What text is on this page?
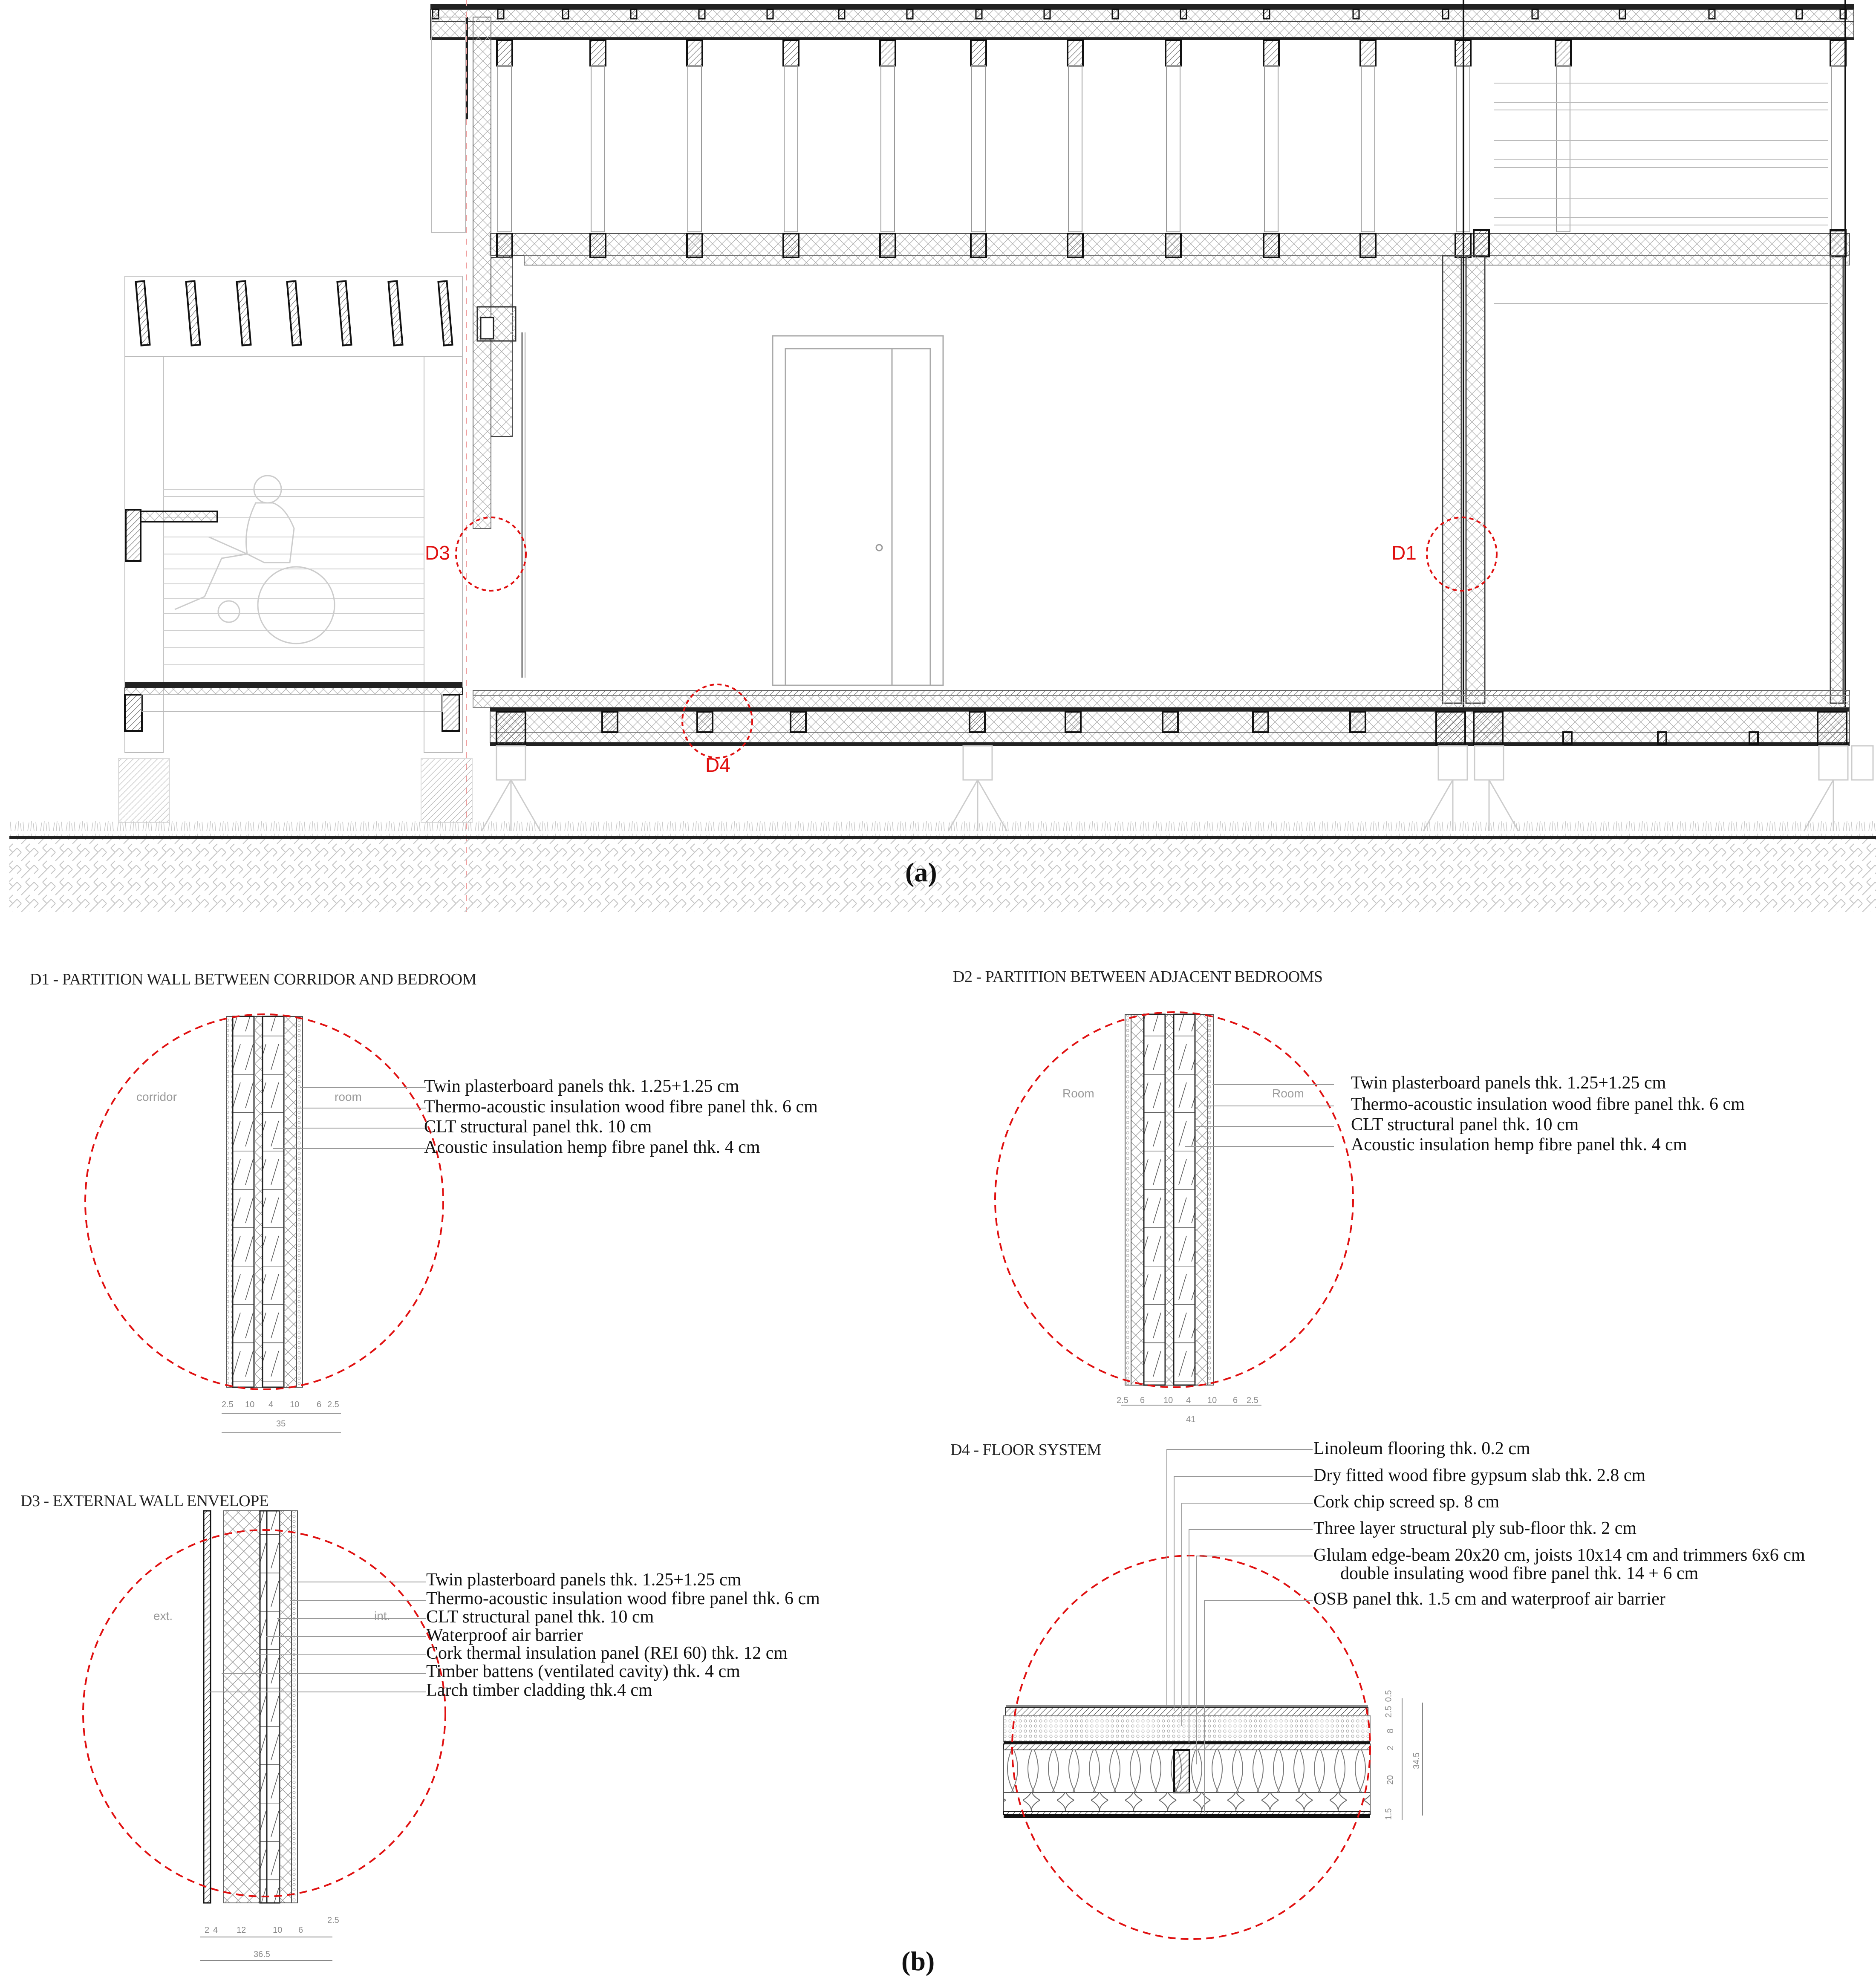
D3	D1
D4
(a)
D1 - PARTITION WALL BETWEEN CORRIDOR AND BEDROOM
corridor	room
Twin plasterboard panels thk. 1.25+1.25 cm
Thermo-acoustic insulation wood fibre panel thk. 6 cm
CLT structural panel thk. 10 cm
Acoustic insulation hemp fibre panel thk. 4 cm
2.5 10 4 10 6 2.5
35
D2 - PARTITION BETWEEN ADJACENT BEDROOMS
Room	Room
Twin plasterboard panels thk. 1.25+1.25 cm
Thermo-acoustic insulation wood fibre panel thk. 6 cm
CLT structural panel thk. 10 cm
Acoustic insulation hemp fibre panel thk. 4 cm
2.5 6 10 4 10 6 2.5
41
D3 - EXTERNAL WALL ENVELOPE
ext.	int.
Twin plasterboard panels thk. 1.25+1.25 cm
Thermo-acoustic insulation wood fibre panel thk. 6 cm
CLT structural panel thk. 10 cm
Waterproof air barrier
Cork thermal insulation panel (REI 60) thk. 12 cm
Timber battens (ventilated cavity) thk. 4 cm
Larch timber cladding thk.4 cm
2 4 12	10 6
2.5
36.5
D4 - FLOOR SYSTEM	Linoleum flooring thk. 0.2 cm
Dry fitted wood fibre gypsum slab thk. 2.8 cm
Cork chip screed sp. 8 cm
Three layer structural ply sub-floor thk. 2 cm
Glulam edge-beam 20x20 cm, joists 10x14 cm and trimmers 6x6 cm
double insulating wood fibre panel thk. 14 + 6 cm
OSB panel thk. 1.5 cm and waterproof air barrier
0.5
2.5
8
2
20
1.5
34.5
(b)
